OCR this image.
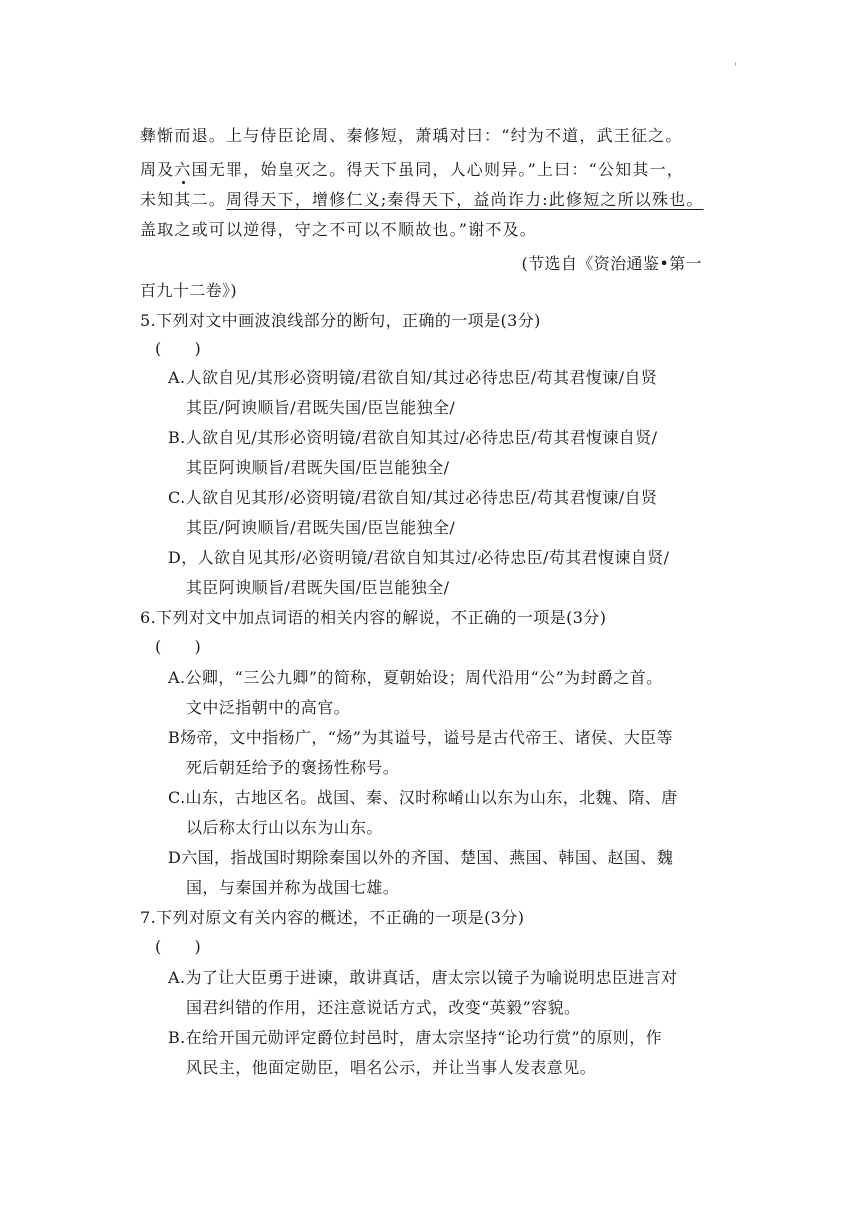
'
彝惭而退。上与侍臣论周、秦修短，萧瑀对曰：“纣为不道，武王征之。
周及六国无罪，始皇灭之。得天下虽同，人心则异。”上曰：“公知其一，
未知其二。周得天下，增修仁义;秦得天下，益尚诈力:此修短之所以殊也。
盖取之或可以逆得，守之不可以不顺故也。”谢不及。
(节选自《资治通鉴•第一
百九十二卷》)
5.下列对文中画波浪线部分的断句，正确的一项是(3分)
(　　)
A.人欲自见/其形必资明镜/君欲自知/其过必待忠臣/苟其君愎谏/自贤
其臣/阿谀顺旨/君既失国/臣岂能独全/
B.人欲自见/其形必资明镜/君欲自知其过/必待忠臣/苟其君愎谏自贤/
其臣阿谀顺旨/君既失国/臣岂能独全/
C.人欲自见其形/必资明镜/君欲自知/其过必待忠臣/苟其君愎谏/自贤
其臣/阿谀顺旨/君既失国/臣岂能独全/
D，人欲自见其形/必资明镜/君欲自知其过/必待忠臣/苟其君愎谏自贤/
其臣阿谀顺旨/君既失国/臣岂能独全/
6.下列对文中加点词语的相关内容的解说，不正确的一项是(3分)
(　　)
A.公卿，“三公九卿”的简称，夏朝始设；周代沿用“公”为封爵之首。
文中泛指朝中的高官。
B炀帝，文中指杨广，“炀”为其谥号，谥号是古代帝王、诸侯、大臣等
死后朝廷给予的褒扬性称号。
C.山东，古地区名。战国、秦、汉时称崤山以东为山东，北魏、隋、唐
以后称太行山以东为山东。
D六国，指战国时期除秦国以外的齐国、楚国、燕国、韩国、赵国、魏
国，与秦国并称为战国七雄。
7.下列对原文有关内容的概述，不正确的一项是(3分)
(　　)
A.为了让大臣勇于进谏，敢讲真话，唐太宗以镜子为喻说明忠臣进言对
国君纠错的作用，还注意说话方式，改变“英毅”容貌。
B.在给开国元勋评定爵位封邑时，唐太宗坚持“论功行赏”的原则，作
风民主，他面定勋臣，唱名公示，并让当事人发表意见。
